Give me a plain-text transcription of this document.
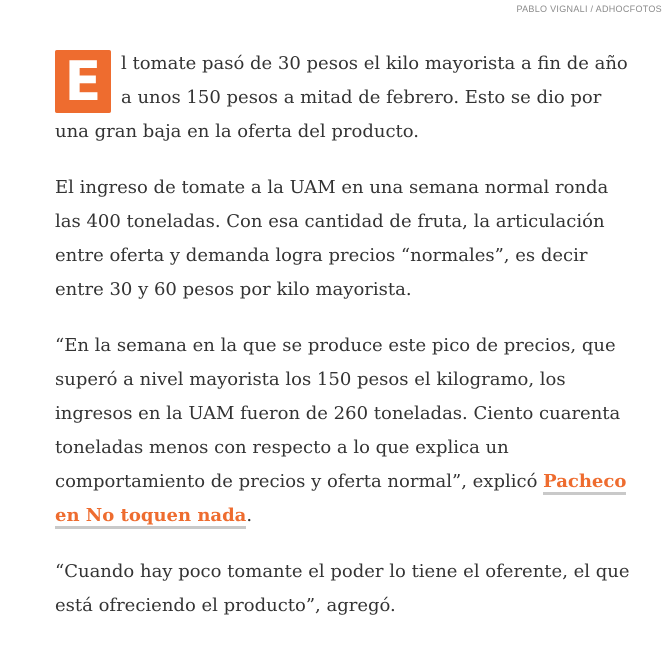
PABLO VIGNALI / ADHOCFOTOS

E	l tomate pasó de 30 pesos el kilo mayorista a fin de año a unos 150 pesos a mitad de febrero. Esto se dio por una gran baja en la oferta del producto.

El ingreso de tomate a la UAM en una semana normal ronda las 400 toneladas. Con esa cantidad de fruta, la articulación entre oferta y demanda logra precios “normales”, es decir entre 30 y 60 pesos por kilo mayorista.

“En la semana en la que se produce este pico de precios, que superó a nivel mayorista los 150 pesos el kilogramo, los ingresos en la UAM fueron de 260 toneladas. Ciento cuarenta toneladas menos con respecto a lo que explica un comportamiento de precios y oferta normal”, explicó Pacheco en No toquen nada.

“Cuando hay poco tomante el poder lo tiene el oferente, el que está ofreciendo el producto”, agregó.
